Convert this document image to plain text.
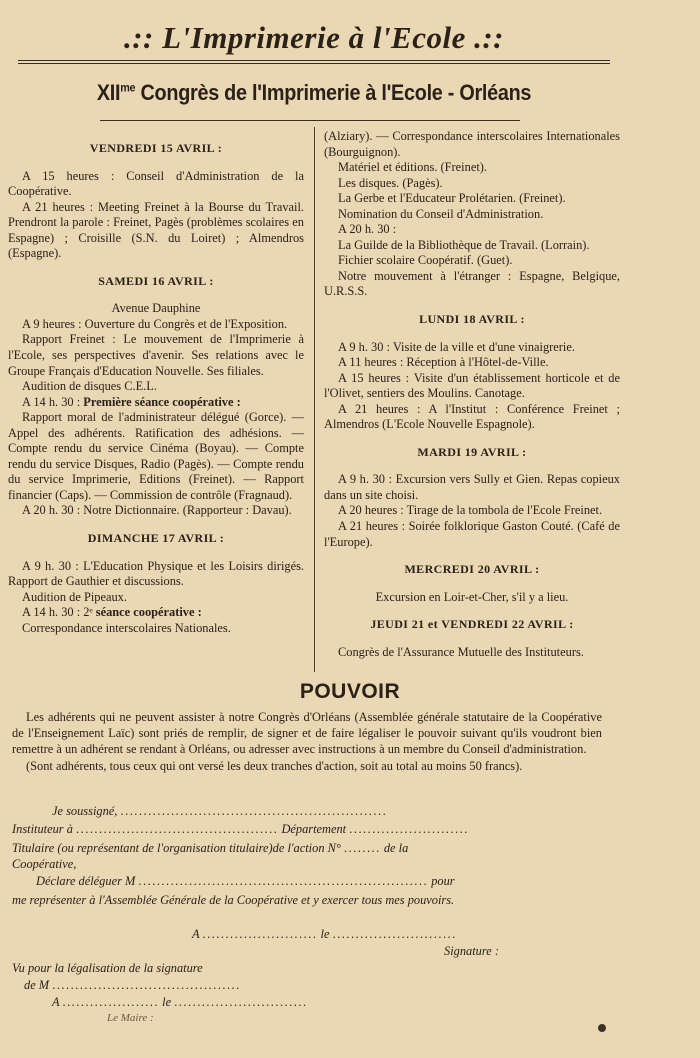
.:: L'Imprimerie à l'Ecole .::
$XII^{me}$ Congrès de l'Imprimerie à l'Ecole - Orléans

VENDREDI 15 AVRIL :

A 15 heures : Conseil d'Administration de la Coopérative.

A 21 heures : Meeting Freinet à la Bourse du Travail. Prendront la parole : Freinet, Pagès (problèmes scolaires en Espagne) ; Croisille (S.N. du Loiret) ; Almendros (Espagne).

SAMEDI 16 AVRIL :

Avenue Dauphine

A 9 heures : Ouverture du Congrès et de l'Exposition.

Rapport Freinet : Le mouvement de l'Imprimerie à l'Ecole, ses perspectives d'avenir. Ses relations avec le Groupe Français d'Education Nouvelle. Ses filiales.

Audition de disques C.E.L.

A 14 h. 30 : Première séance coopérative :

Rapport moral de l'administrateur délégué (Gorce). — Appel des adhérents. Ratification des adhésions. — Compte rendu du service Cinéma (Boyau). — Compte rendu du service Disques, Radio (Pagès). — Compte rendu du service Imprimerie, Editions (Freinet). — Rapport financier (Caps). — Commission de contrôle (Fragnaud).

A 20 h. 30 : Notre Dictionnaire. (Rapporteur : Davau).

DIMANCHE 17 AVRIL :

A 9 h. 30 : L'Education Physique et les Loisirs dirigés. Rapport de Gauthier et discussions.

Audition de Pipeaux.

A 14 h. 30 : 2ᵉ séance coopérative :

Correspondance interscolaires Nationales.

(Alziary). — Correspondance interscolaires Internationales (Bourguignon).

Matériel et éditions. (Freinet).

Les disques. (Pagès).

La Gerbe et l'Educateur Prolétarien. (Freinet).

Nomination du Conseil d'Administration.

A 20 h. 30 :

La Guilde de la Bibliothèque de Travail. (Lorrain).

Fichier scolaire Coopératif. (Guet).

Notre mouvement à l'étranger : Espagne, Belgique, U.R.S.S.

LUNDI 18 AVRIL :

A 9 h. 30 : Visite de la ville et d'une vinaigrerie.

A 11 heures : Réception à l'Hôtel-de-Ville.

A 15 heures : Visite d'un établissement horticole et de l'Olivet, sentiers des Moulins. Canotage.

A 21 heures : A l'Institut : Conférence Freinet ; Almendros (L'Ecole Nouvelle Espagnole).

MARDI 19 AVRIL :

A 9 h. 30 : Excursion vers Sully et Gien. Repas copieux dans un site choisi.

A 20 heures : Tirage de la tombola de l'Ecole Freinet.

A 21 heures : Soirée folklorique Gaston Couté. (Café de l'Europe).

MERCREDI 20 AVRIL :

Excursion en Loir-et-Cher, s'il y a lieu.

JEUDI 21 et VENDREDI 22 AVRIL :

Congrès de l'Assurance Mutuelle des Instituteurs.

POUVOIR

Les adhérents qui ne peuvent assister à notre Congrès d'Orléans (Assemblée générale statutaire de la Coopérative de l'Enseignement Laïc) sont priés de remplir, de signer et de faire légaliser le pouvoir suivant qu'ils voudront bien remettre à un adhérent se rendant à Orléans, ou adresser avec instructions à un membre du Conseil d'administration.

(Sont adhérents, tous ceux qui ont versé les deux tranches d'action, soit au total au moins 50 francs).

Je soussigné, ..........................................................
Instituteur à ............................................ Département ..........................
Titulaire (ou représentant de l'organisation titulaire)de l'action N° ........ de la
Coopérative,
Déclare déléguer M ............................................................... pour
me représenter à l'Assemblée Générale de la Coopérative et y exercer tous mes pouvoirs.
A ......................... le ...........................
Signature :
Vu pour la légalisation de la signature
de M .........................................
A ..................... le .............................
Le Maire :
